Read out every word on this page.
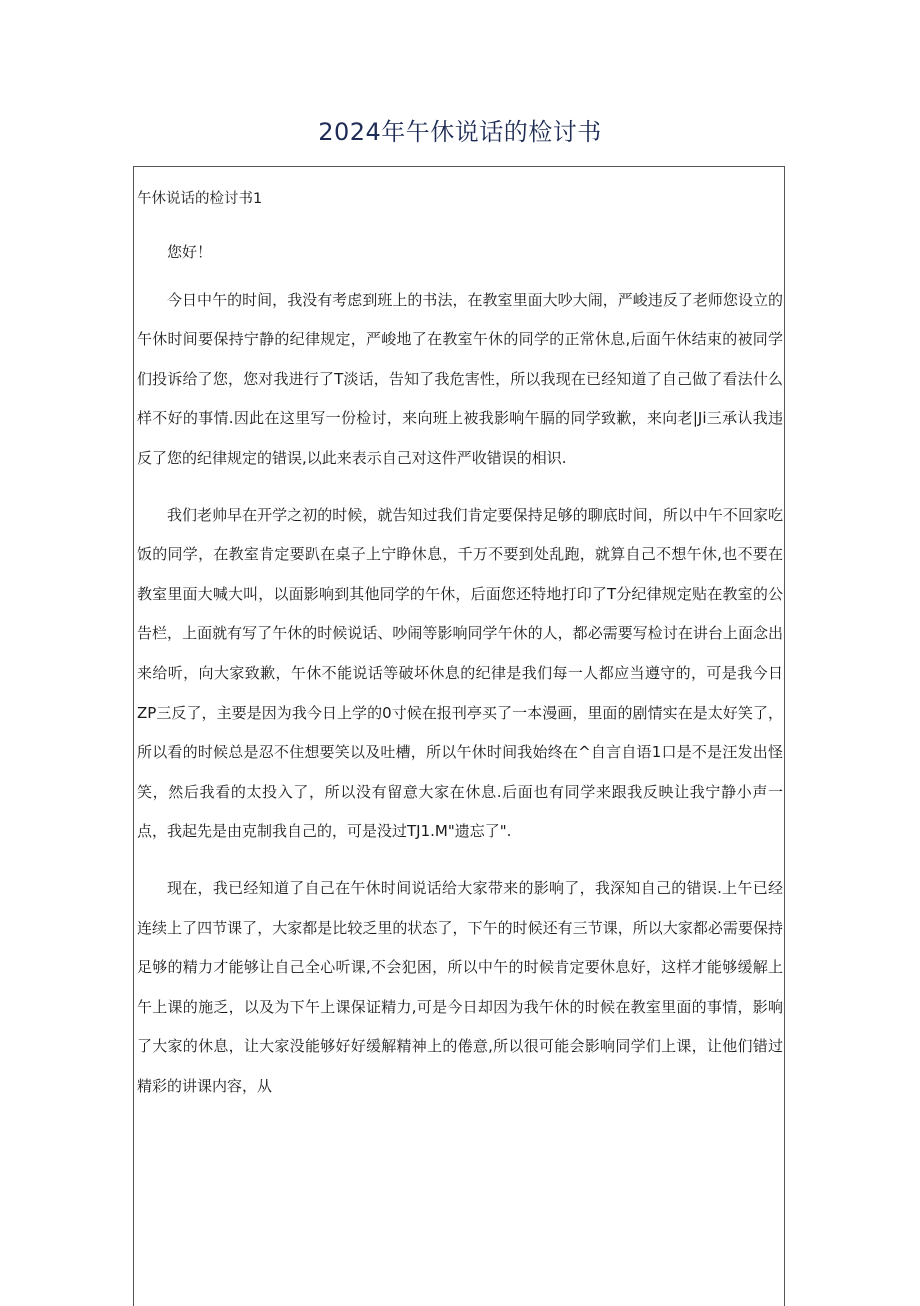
2024年午休说话的检讨书
午休说话的检讨书1

您好！

今日中午的时间，我没有考虑到班上的书法，在教室里面大吵大闹，严峻违反了老师您设立的午休时间要保持宁静的纪律规定，严峻地了在教室午休的同学的正常休息,后面午休结束的被同学们投诉给了您，您对我进行了T淡话，告知了我危害性，所以我现在已经知道了自己做了看法什么样不好的事情.因此在这里写一份检讨，来向班上被我影响午膈的同学致歉，来向老|Ji三承认我违反了您的纪律规定的错误,以此来表示自己对这件严收错误的相识.

我们老帅早在开学之初的时候，就告知过我们肯定要保持足够的聊底时间，所以中午不回家吃饭的同学，在教室肯定要趴在桌子上宁睁休息，千万不要到处乱跑，就算自己不想午休,也不要在教室里面大喊大叫，以面影响到其他同学的午休，后面您还特地打印了T分纪律规定贴在教室的公告栏，上面就有写了午休的时候说话、吵闹等影响同学午休的人，都必需要写检讨在讲台上面念出来给听，向大家致歉，午休不能说话等破坏休息的纪律是我们每一人都应当遵守的，可是我今日ZP三反了，主要是因为我今日上学的0寸候在报刊亭买了一本漫画，里面的剧情实在是太好笑了，所以看的时候总是忍不住想要笑以及吐槽，所以午休时间我始终在^自言自语1口是不是汪发出怪笑，然后我看的太投入了，所以没有留意大家在休息.后面也有同学来跟我反映让我宁静小声一点，我起先是由克制我自己的，可是没过TJ1.M"遗忘了".

现在，我已经知道了自己在午休时间说话给大家带来的影响了，我深知自己的错误.上午已经连续上了四节课了，大家都是比较乏里的状态了，下午的时候还有三节课，所以大家都必需要保持足够的精力才能够让自己全心听课,不会犯困，所以中午的时候肯定要休息好，这样才能够缓解上午上课的施乏，以及为下午上课保证精力,可是今日却因为我午休的时候在教室里面的事情，影响了大家的休息，让大家没能够好好缓解精神上的倦意,所以很可能会影响同学们上课，让他们错过精彩的讲课内容，从
